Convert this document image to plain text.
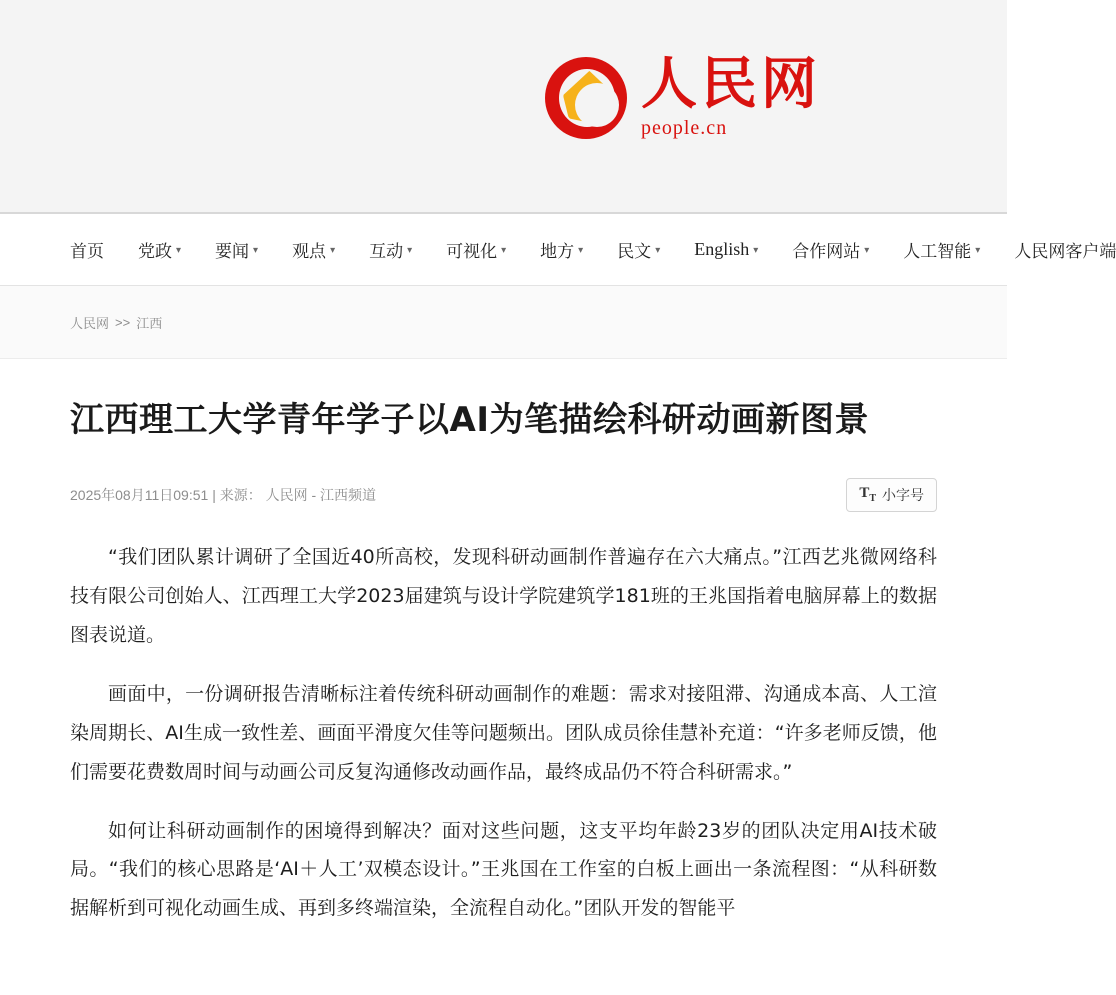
人民网
people.cn
首页 党政 ▾ 要闻 ▾ 观点 ▾ 互动 ▾ 可视化 ▾ 地方 ▾ 民文 ▾ English ▾ 合作网站 ▾ 人工智能 ▾ 人民网客户端
人民网 >> 江西
江西理工大学青年学子以AI为笔描绘科研动画新图景
2025年08月11日09:51 | 来源： 人民网 - 江西频道	$T_T$ 小字号

“我们团队累计调研了全国近40所高校，发现科研动画制作普遍存在六大痛点。”江西艺兆微网络科技有限公司创始人、江西理工大学2023届建筑与设计学院建筑学181班的王兆国指着电脑屏幕上的数据图表说道。

画面中，一份调研报告清晰标注着传统科研动画制作的难题：需求对接阻滞、沟通成本高、人工渲染周期长、AI生成一致性差、画面平滑度欠佳等问题频出。团队成员徐佳慧补充道：“许多老师反馈，他们需要花费数周时间与动画公司反复沟通修改动画作品，最终成品仍不符合科研需求。”

如何让科研动画制作的困境得到解决？面对这些问题，这支平均年龄23岁的团队决定用AI技术破局。“我们的核心思路是‘AI＋人工’双模态设计。”王兆国在工作室的白板上画出一条流程图：“从科研数据解析到可视化动画生成、再到多终端渲染，全流程自动化。”团队开发的智能平
